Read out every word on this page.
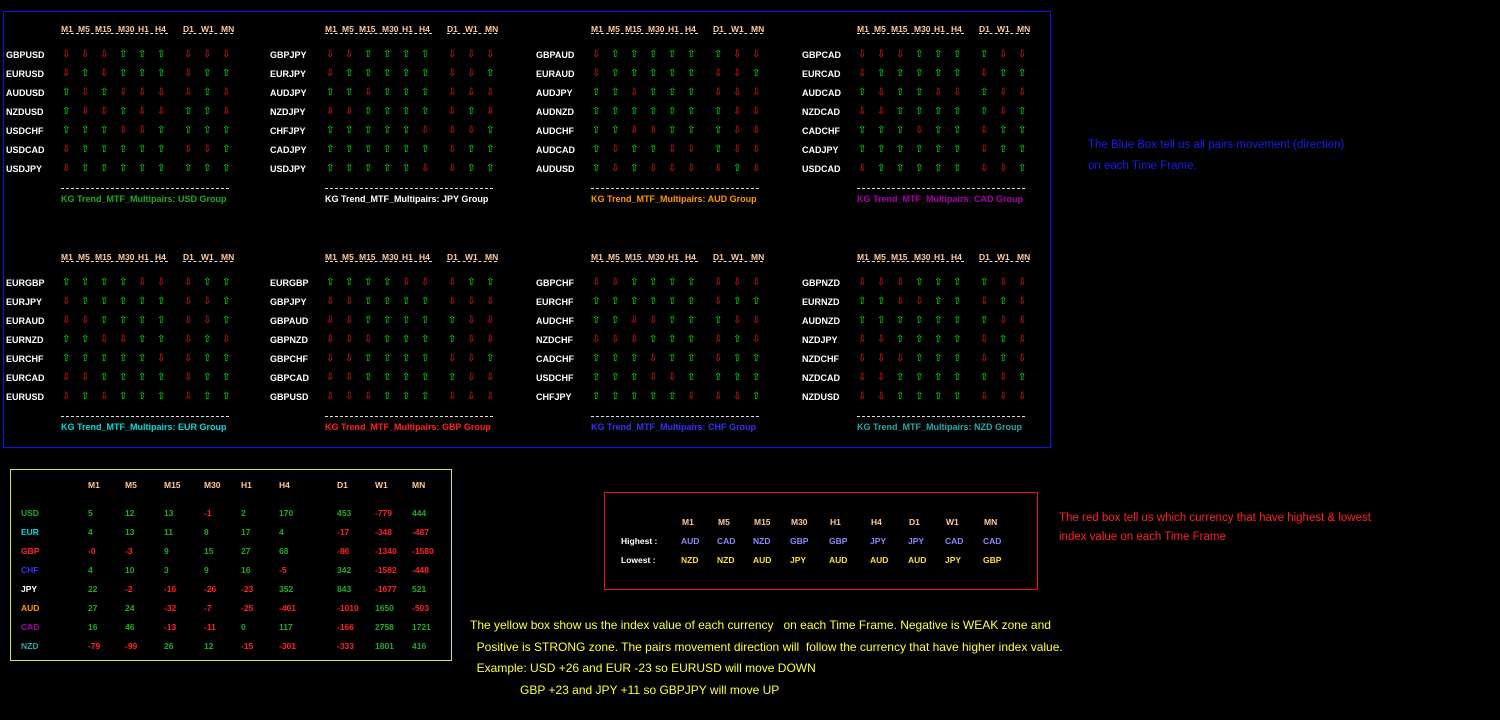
M1 M5 M15 M30 H1 H4 D1 W1 MN
GBPUSD ⇩ ⇩ ⇩ ⇧ ⇧ ⇧ ⇩ ⇩ ⇩
EURUSD ⇩ ⇧ ⇩ ⇧ ⇧ ⇧ ⇩ ⇧ ⇧
AUDUSD ⇧ ⇩ ⇧ ⇩ ⇩ ⇩ ⇩ ⇧ ⇩
NZDUSD ⇧ ⇩ ⇩ ⇧ ⇩ ⇩ ⇧ ⇧ ⇩
USDCHF ⇧ ⇧ ⇧ ⇩ ⇩ ⇧ ⇧ ⇧ ⇧
USDCAD ⇩ ⇧ ⇧ ⇧ ⇧ ⇧ ⇩ ⇩ ⇧
USDJPY ⇩ ⇧ ⇧ ⇧ ⇧ ⇧ ⇧ ⇧ ⇧
KG Trend_MTF_Multipairs: USD Group
M1 M5 M15 M30 H1 H4 D1 W1 MN
GBPJPY ⇩ ⇩ ⇧ ⇧ ⇧ ⇧ ⇩ ⇩ ⇩
EURJPY ⇩ ⇧ ⇧ ⇧ ⇧ ⇧ ⇩ ⇩ ⇧
AUDJPY ⇧ ⇧ ⇩ ⇧ ⇧ ⇧ ⇩ ⇩ ⇩
NZDJPY ⇩ ⇩ ⇧ ⇧ ⇧ ⇧ ⇩ ⇧ ⇩
CHFJPY ⇧ ⇧ ⇧ ⇧ ⇧ ⇩ ⇩ ⇩ ⇧
CADJPY ⇧ ⇧ ⇧ ⇧ ⇧ ⇧ ⇩ ⇧ ⇧
USDJPY ⇧ ⇧ ⇧ ⇧ ⇧ ⇩ ⇩ ⇧ ⇧
KG Trend_MTF_Multipairs: JPY Group
M1 M5 M15 M30 H1 H4 D1 W1 MN
GBPAUD ⇩ ⇧ ⇧ ⇧ ⇧ ⇧ ⇧ ⇩ ⇩
EURAUD ⇩ ⇧ ⇧ ⇧ ⇧ ⇧ ⇩ ⇩ ⇧
AUDJPY ⇧ ⇧ ⇩ ⇧ ⇧ ⇧ ⇩ ⇩ ⇩
AUDNZD ⇧ ⇧ ⇧ ⇧ ⇧ ⇧ ⇧ ⇩ ⇩
AUDCHF ⇧ ⇧ ⇩ ⇩ ⇧ ⇧ ⇧ ⇩ ⇩
AUDCAD ⇧ ⇩ ⇧ ⇧ ⇩ ⇩ ⇧ ⇩ ⇩
AUDUSD ⇧ ⇩ ⇧ ⇩ ⇩ ⇩ ⇩ ⇧ ⇩
KG Trend_MTF_Multipairs: AUD Group
M1 M5 M15 M30 H1 H4 D1 W1 MN
GBPCAD ⇩ ⇩ ⇩ ⇧ ⇧ ⇧ ⇧ ⇩ ⇩
EURCAD ⇩ ⇧ ⇧ ⇧ ⇧ ⇧ ⇩ ⇧ ⇧
AUDCAD ⇧ ⇩ ⇧ ⇧ ⇩ ⇩ ⇧ ⇩ ⇩
NZDCAD ⇩ ⇩ ⇧ ⇧ ⇧ ⇧ ⇧ ⇩ ⇧
CADCHF ⇧ ⇧ ⇧ ⇩ ⇧ ⇧ ⇩ ⇧ ⇧
CADJPY ⇧ ⇧ ⇧ ⇧ ⇧ ⇧ ⇩ ⇧ ⇧
USDCAD ⇩ ⇧ ⇧ ⇧ ⇧ ⇧ ⇩ ⇩ ⇧
KG Trend_MTF_Multipairs: CAD Group
M1 M5 M15 M30 H1 H4 D1 W1 MN
EURGBP ⇧ ⇧ ⇧ ⇧ ⇩ ⇩ ⇩ ⇧ ⇧
EURJPY ⇩ ⇧ ⇧ ⇧ ⇧ ⇧ ⇩ ⇩ ⇧
EURAUD ⇩ ⇩ ⇧ ⇧ ⇧ ⇧ ⇩ ⇩ ⇧
EURNZD ⇧ ⇧ ⇩ ⇩ ⇧ ⇧ ⇩ ⇧ ⇩
EURCHF ⇧ ⇧ ⇧ ⇧ ⇧ ⇩ ⇩ ⇧ ⇧
EURCAD ⇩ ⇩ ⇧ ⇧ ⇧ ⇧ ⇩ ⇧ ⇧
EURUSD ⇩ ⇧ ⇩ ⇧ ⇧ ⇧ ⇩ ⇧ ⇧
KG Trend_MTF_Multipairs: EUR Group
M1 M5 M15 M30 H1 H4 D1 W1 MN
EURGBP ⇧ ⇧ ⇧ ⇧ ⇩ ⇩ ⇩ ⇧ ⇧
GBPJPY ⇩ ⇩ ⇧ ⇧ ⇧ ⇧ ⇩ ⇩ ⇩
GBPAUD ⇩ ⇩ ⇧ ⇧ ⇧ ⇧ ⇧ ⇩ ⇩
GBPNZD ⇩ ⇩ ⇩ ⇧ ⇧ ⇧ ⇧ ⇩ ⇩
GBPCHF ⇩ ⇩ ⇧ ⇧ ⇧ ⇧ ⇩ ⇩ ⇧
GBPCAD ⇩ ⇩ ⇧ ⇧ ⇧ ⇧ ⇧ ⇩ ⇩
GBPUSD ⇩ ⇩ ⇩ ⇧ ⇧ ⇧ ⇩ ⇩ ⇩
KG Trend_MTF_Multipairs: GBP Group
M1 M5 M15 M30 H1 H4 D1 W1 MN
GBPCHF ⇩ ⇩ ⇧ ⇧ ⇧ ⇧ ⇩ ⇩ ⇩
EURCHF ⇧ ⇧ ⇧ ⇧ ⇧ ⇧ ⇩ ⇧ ⇧
AUDCHF ⇧ ⇧ ⇩ ⇩ ⇧ ⇧ ⇧ ⇩ ⇩
NZDCHF ⇩ ⇩ ⇩ ⇧ ⇧ ⇧ ⇩ ⇧ ⇩
CADCHF ⇧ ⇧ ⇧ ⇩ ⇧ ⇧ ⇩ ⇧ ⇧
USDCHF ⇧ ⇧ ⇧ ⇩ ⇩ ⇧ ⇧ ⇧ ⇧
CHFJPY ⇧ ⇧ ⇧ ⇧ ⇧ ⇩ ⇩ ⇩ ⇧
KG Trend_MTF_Multipairs: CHF Group
M1 M5 M15 M30 H1 H4 D1 W1 MN
GBPNZD ⇩ ⇩ ⇩ ⇧ ⇧ ⇧ ⇧ ⇩ ⇩
EURNZD ⇧ ⇧ ⇩ ⇩ ⇧ ⇧ ⇩ ⇧ ⇩
AUDNZD ⇧ ⇧ ⇧ ⇧ ⇧ ⇧ ⇧ ⇩ ⇩
NZDJPY ⇩ ⇩ ⇧ ⇧ ⇧ ⇧ ⇩ ⇧ ⇩
NZDCHF ⇩ ⇩ ⇩ ⇧ ⇧ ⇧ ⇩ ⇧ ⇩
NZDCAD ⇩ ⇩ ⇧ ⇧ ⇧ ⇧ ⇧ ⇩ ⇧
NZDUSD ⇩ ⇩ ⇧ ⇧ ⇧ ⇧ ⇩ ⇩ ⇩
KG Trend_MTF_Multipairs: NZD Group
The Blue Box tell us all pairs movement (direction)
on each Time Frame.
M1	M5	M15	M30 H1	H4	D1	W1	MN
USD	5	12	13	-1	2	170	453	-779 444
EUR	4	13	11	8	17	4	-17	-348 -487
GBP	-0	-3	9	15	27	68	-86	-1340 -1580
CHF	4	10	3	9	16	-5	342	-1582 -448
JPY	22	-2	-16	-26	-23	352	843	-1677 521
AUD	27	24	-32	-7	-25	-401	-1010 1650 -503
CAD	16	46	-13	-11	0	117	-166 2758 1721
NZD	-79	-99	26	12	-15	-301	-333 1801 416
M1	M5	M15 M30	H1	H4	D1	W1	MN
Highest :
Lowest :
AUD CAD NZD GBP GBP	JPY	JPY CAD CAD
NZD NZD AUD JPY	AUD	AUD AUD JPY	GBP
The red box tell us which currency that have highest & lowest
index value on each Time Frame
The yellow box show us the index value of each currency   on each Time Frame. Negative is WEAK zone and
Positive is STRONG zone. The pairs movement direction will  follow the currency that have higher index value.
Example: USD +26 and EUR -23 so EURUSD will move DOWN
GBP +23 and JPY +11 so GBPJPY will move UP
